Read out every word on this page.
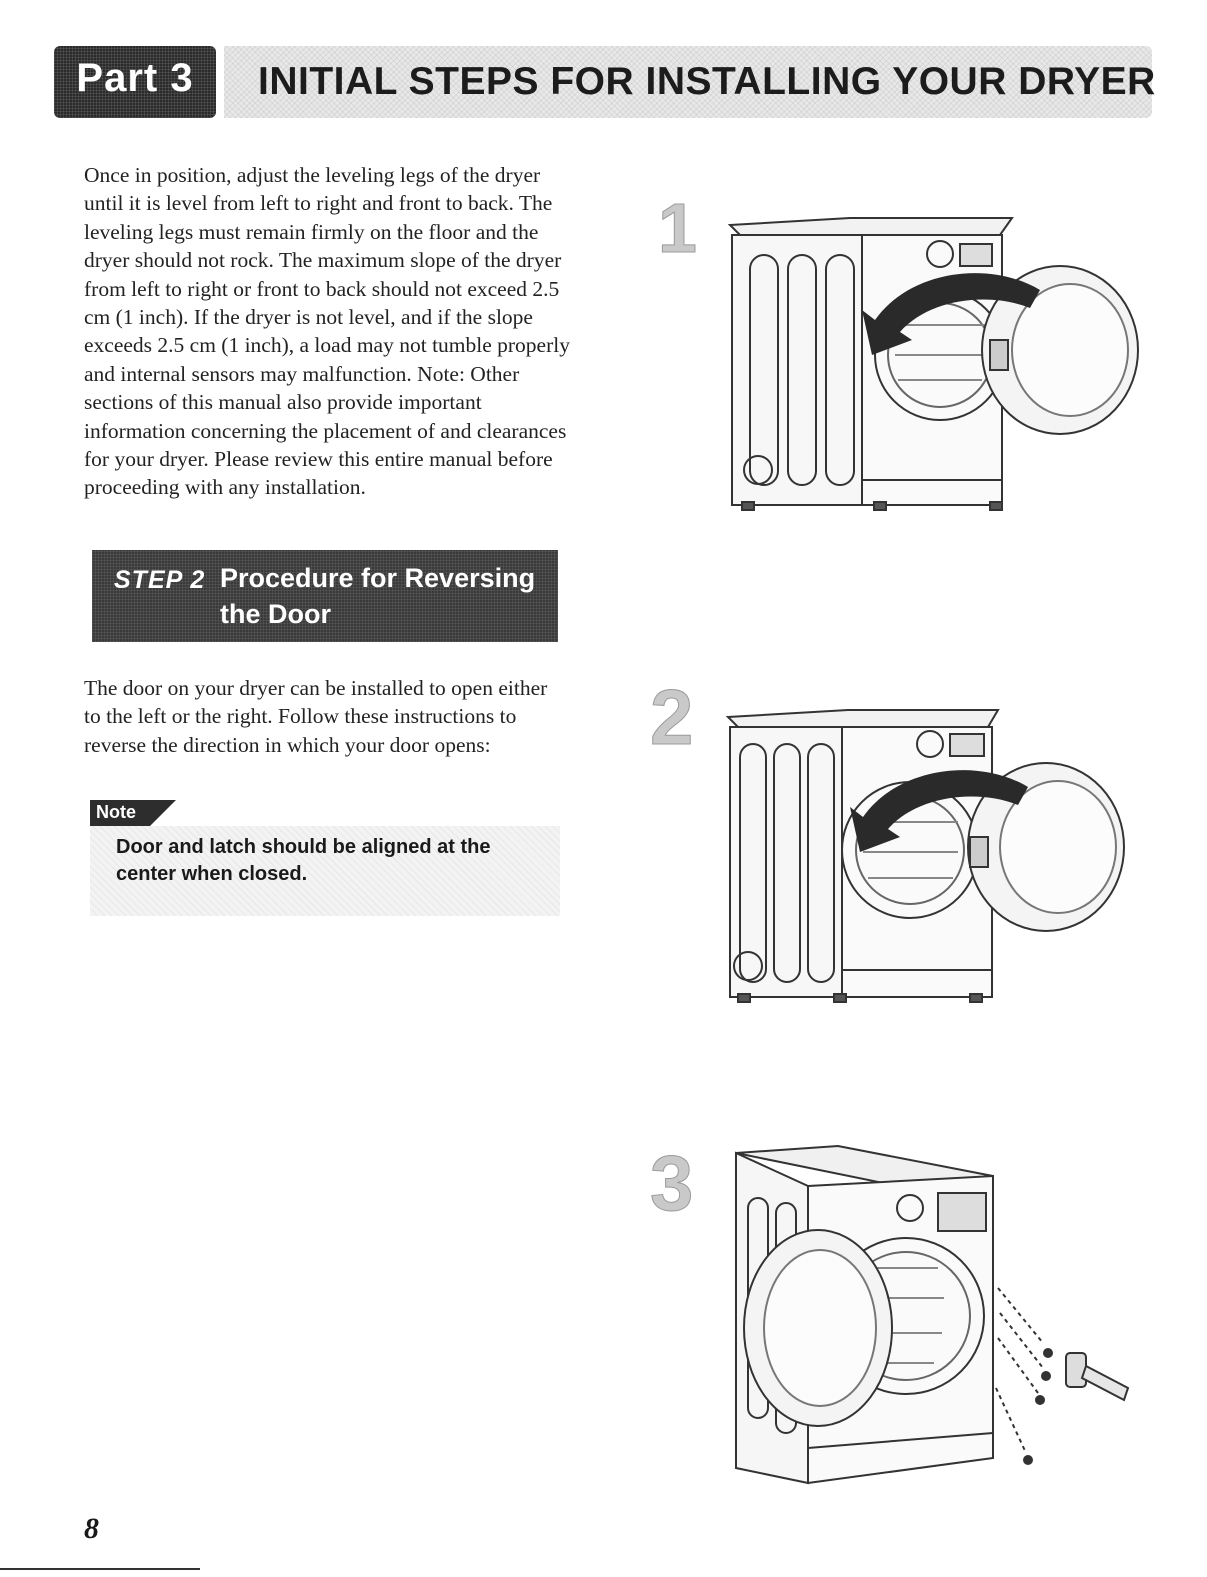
Part 3	INITIAL STEPS FOR INSTALLING YOUR DRYER
Once in position, adjust the leveling legs of the dryer until it is level from left to right and front to back. The leveling legs must remain firmly on the floor and the dryer should not rock. The maximum slope of the dryer from left to right or front to back should not exceed 2.5 cm (1 inch). If the dryer is not level, and if the slope exceeds 2.5 cm (1 inch), a load may not tumble properly and internal sensors may malfunction. Note: Other sections of this manual also provide important information concerning the placement of and clearances for your dryer. Please review this entire manual before proceeding with any installation.
STEP 2 Procedure for Reversing the Door
The door on your dryer can be installed to open either to the left or the right. Follow these instructions to reverse the direction in which your door opens:
Note
Door and latch should be aligned at the center when closed.
1
2
3
8
